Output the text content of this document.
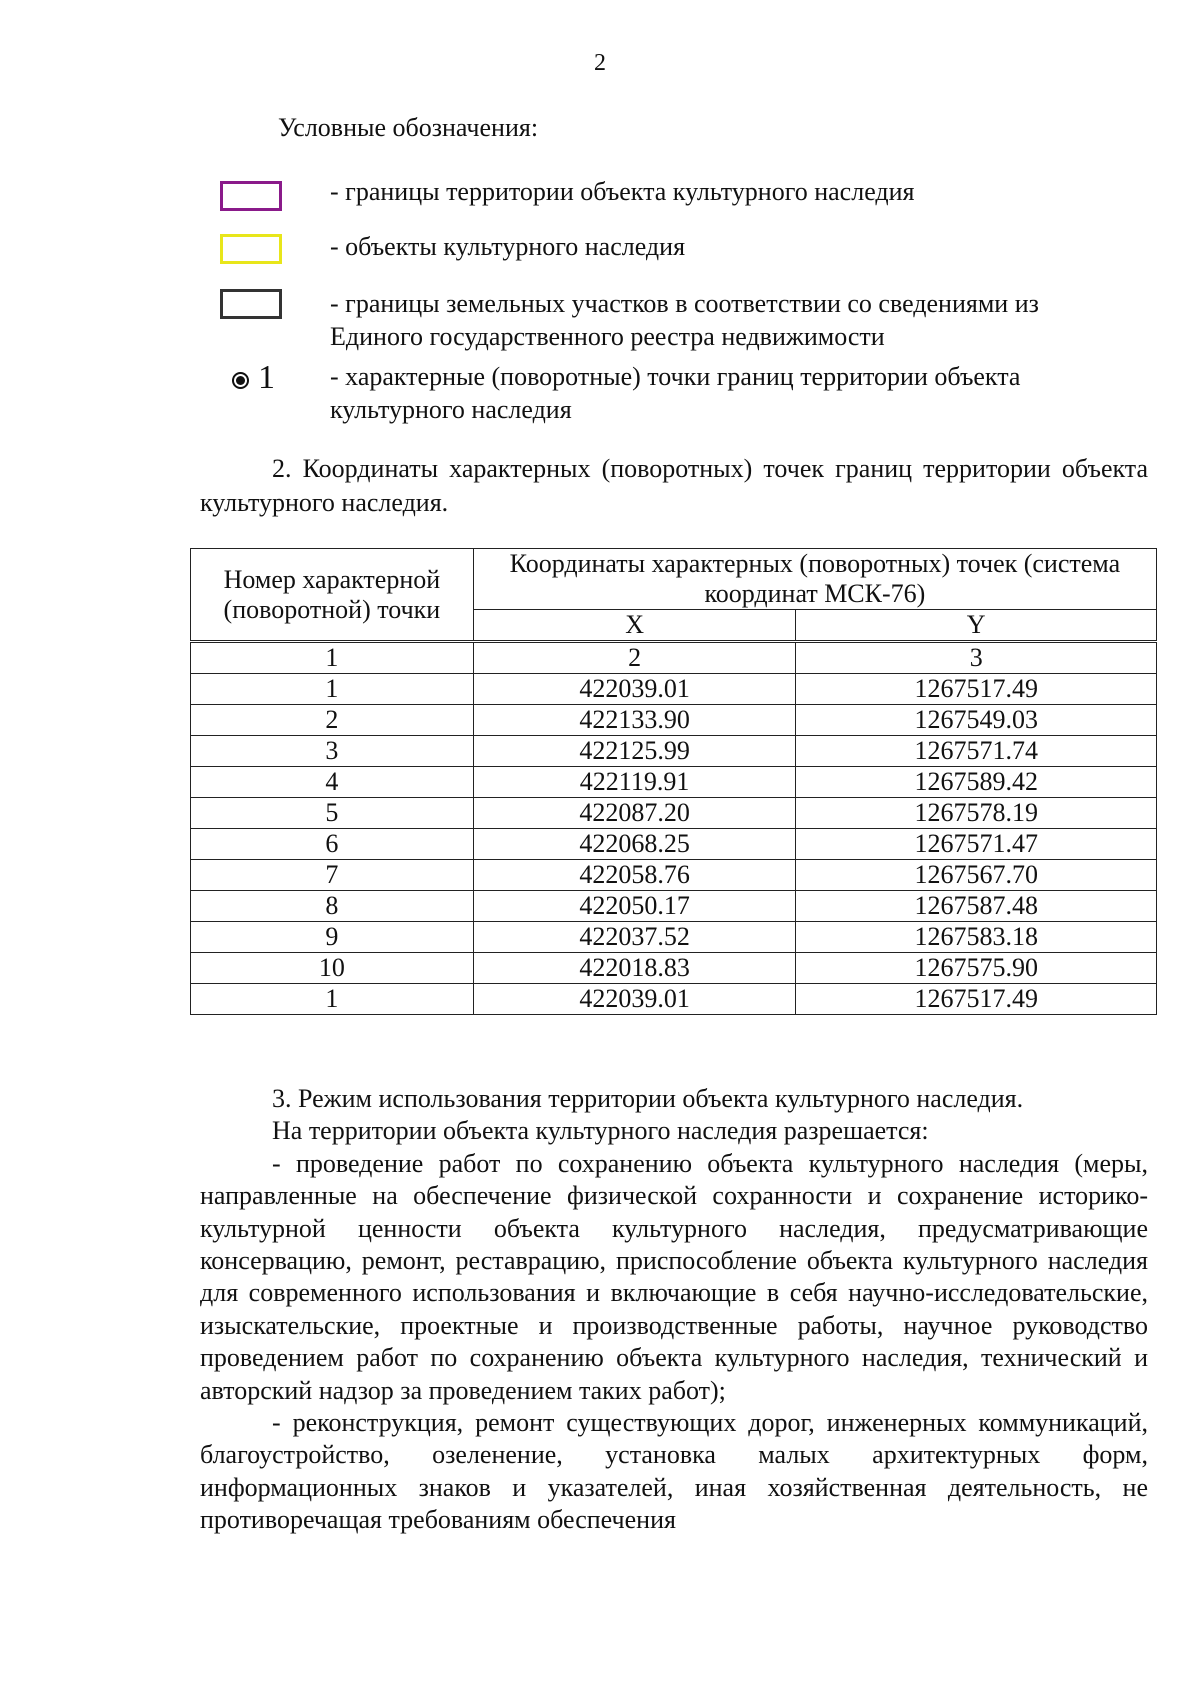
2
Условные обозначения:
- границы территории объекта культурного наследия
- объекты культурного наследия
- границы земельных участков в соответствии со сведениями из Единого государственного реестра недвижимости
1 - характерные (поворотные) точки границ территории объекта культурного наследия
2. Координаты характерных (поворотных) точек границ территории объекта культурного наследия.
Номер характерной (поворотной) точки	Координаты характерных (поворотных) точек (система координат МСК-76)	
	X	Y
1	2	3
1	422039.01	1267517.49
2	422133.90	1267549.03
3	422125.99	1267571.74
4	422119.91	1267589.42
5	422087.20	1267578.19
6	422068.25	1267571.47
7	422058.76	1267567.70
8	422050.17	1267587.48
9	422037.52	1267583.18
10	422018.83	1267575.90
1	422039.01	1267517.49

3. Режим использования территории объекта культурного наследия.

На территории объекта культурного наследия разрешается:

- проведение работ по сохранению объекта культурного наследия (меры, направленные на обеспечение физической сохранности и сохранение историко-культурной ценности объекта культурного наследия, предусматривающие консервацию, ремонт, реставрацию, приспособление объекта культурного наследия для современного использования и включающие в себя научно-исследовательские, изыскательские, проектные и производственные работы, научное руководство проведением работ по сохранению объекта культурного наследия, технический и авторский надзор за проведением таких работ);

- реконструкция, ремонт существующих дорог, инженерных коммуникаций, благоустройство, озеленение, установка малых архитектурных форм, информационных знаков и указателей, иная хозяйственная деятельность, не противоречащая требованиям обеспечения
